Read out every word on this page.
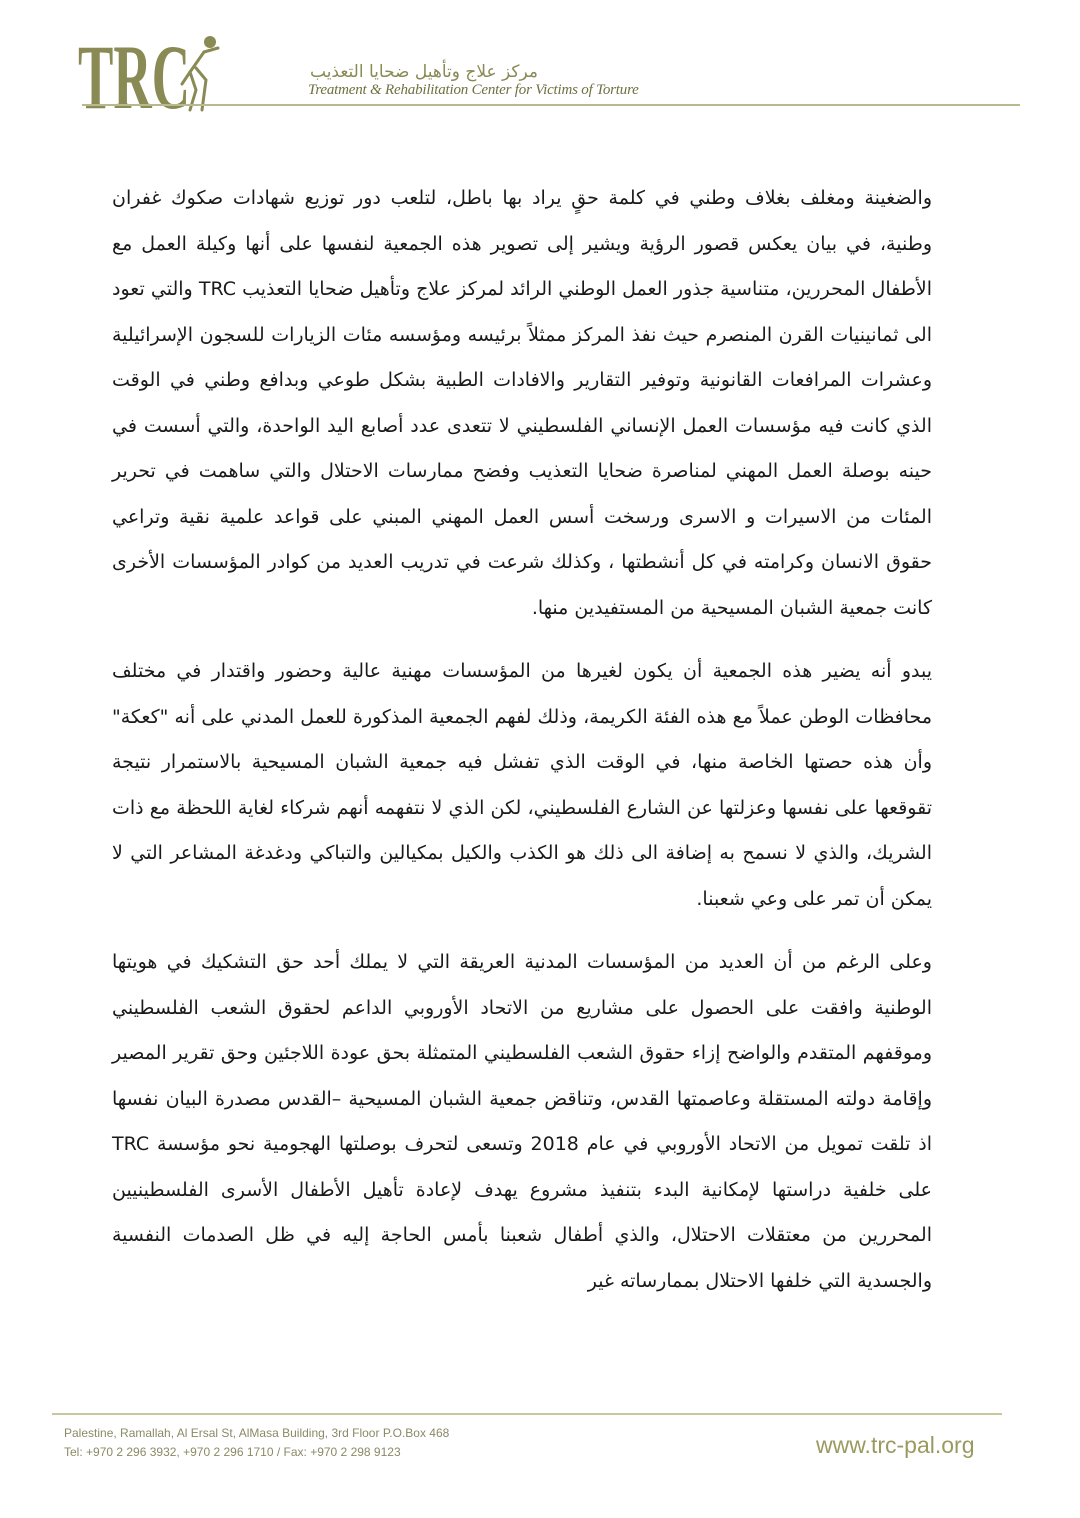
TRC	مركز علاج وتأهيل ضحايا التعذيب
Treatment & Rehabilitation Center for Victims of Torture

والضغينة ومغلف بغلاف وطني في كلمة حقٍ يراد بها باطل، لتلعب دور توزيع شهادات صكوك غفران وطنية، في بيان يعكس قصور الرؤية ويشير إلى تصوير هذه الجمعية لنفسها على أنها وكيلة العمل مع الأطفال المحررين، متناسية جذور العمل الوطني الرائد لمركز علاج وتأهيل ضحايا التعذيب TRC والتي تعود الى ثمانينيات القرن المنصرم حيث نفذ المركز ممثلاً برئيسه ومؤسسه مئات الزيارات للسجون الإسرائيلية وعشرات المرافعات القانونية وتوفير التقارير والافادات الطبية بشكل طوعي وبدافع وطني في الوقت الذي كانت فيه مؤسسات العمل الإنساني الفلسطيني لا تتعدى عدد أصابع اليد الواحدة، والتي أسست في حينه بوصلة العمل المهني لمناصرة ضحايا التعذيب وفضح ممارسات الاحتلال والتي ساهمت في تحرير المئات من الاسيرات و الاسرى ورسخت أسس العمل المهني المبني على قواعد علمية نقية وتراعي حقوق الانسان وكرامته في كل أنشطتها ، وكذلك شرعت في تدريب العديد من كوادر المؤسسات الأخرى كانت جمعية الشبان المسيحية من المستفيدين منها.

يبدو أنه يضير هذه الجمعية أن يكون لغيرها من المؤسسات مهنية عالية وحضور واقتدار في مختلف محافظات الوطن عملاً مع هذه الفئة الكريمة، وذلك لفهم الجمعية المذكورة للعمل المدني على أنه "كعكة" وأن هذه حصتها الخاصة منها، في الوقت الذي تفشل فيه جمعية الشبان المسيحية بالاستمرار نتيجة تقوقعها على نفسها وعزلتها عن الشارع الفلسطيني، لكن الذي لا نتفهمه أنهم شركاء لغاية اللحظة مع ذات الشريك، والذي لا نسمح به إضافة الى ذلك هو الكذب والكيل بمكيالين والتباكي ودغدغة المشاعر التي لا يمكن أن تمر على وعي شعبنا.

وعلى الرغم من أن العديد من المؤسسات المدنية العريقة التي لا يملك أحد حق التشكيك في هويتها الوطنية وافقت على الحصول على مشاريع من الاتحاد الأوروبي الداعم لحقوق الشعب الفلسطيني وموقفهم المتقدم والواضح إزاء حقوق الشعب الفلسطيني المتمثلة بحق عودة اللاجئين وحق تقرير المصير وإقامة دولته المستقلة وعاصمتها القدس، وتناقض جمعية الشبان المسيحية –القدس مصدرة البيان نفسها اذ تلقت تمويل من الاتحاد الأوروبي في عام 2018 وتسعى لتحرف بوصلتها الهجومية نحو مؤسسة TRC على خلفية دراستها لإمكانية البدء بتنفيذ مشروع يهدف لإعادة تأهيل الأطفال الأسرى الفلسطينيين المحررين من معتقلات الاحتلال، والذي أطفال شعبنا بأمس الحاجة إليه في ظل الصدمات النفسية والجسدية التي خلفها الاحتلال بممارساته غير

Palestine, Ramallah, Al Ersal St, AlMasa Building, 3rd Floor P.O.Box 468
Tel: +970 2 296 3932, +970 2 296 1710 / Fax: +970 2 298 9123	www.trc-pal.org
